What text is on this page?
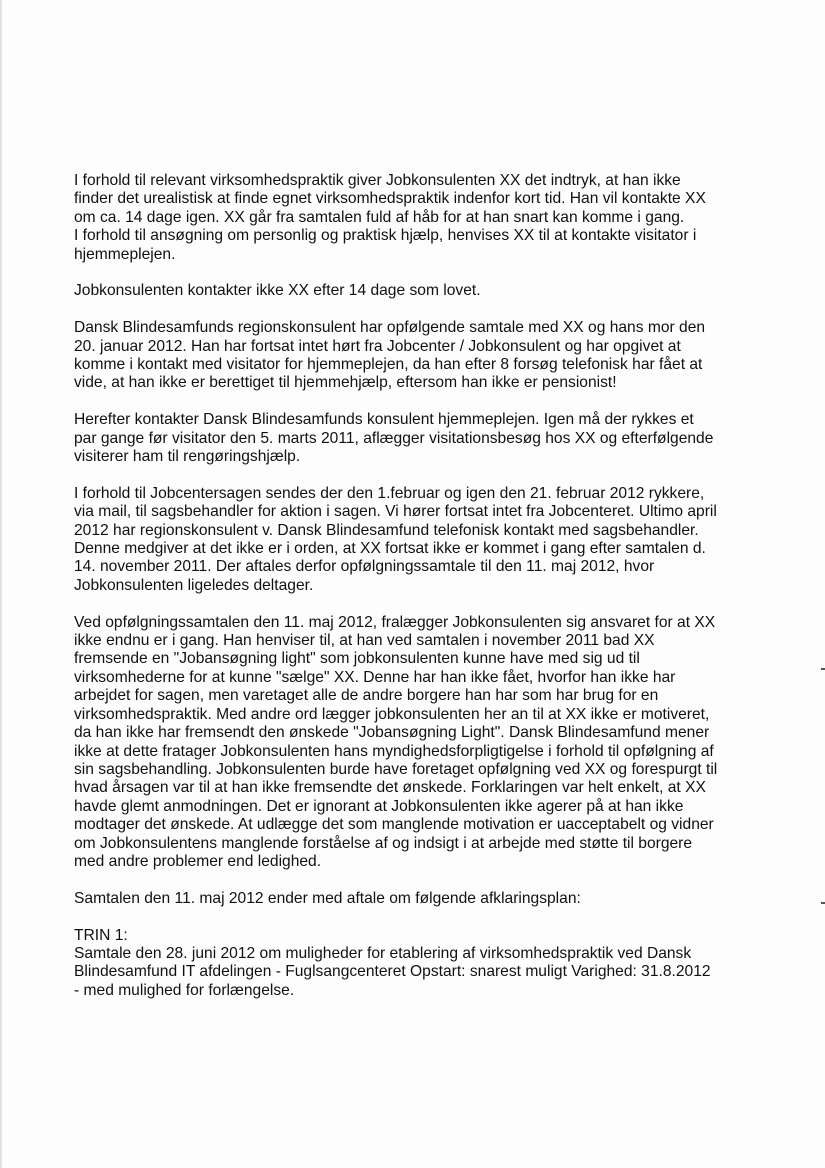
I forhold til relevant virksomhedspraktik giver Jobkonsulenten XX det indtryk, at han ikke
finder det urealistisk at finde egnet virksomhedspraktik indenfor kort tid. Han vil kontakte XX
om ca. 14 dage igen. XX går fra samtalen fuld af håb for at han snart kan komme i gang.
I forhold til ansøgning om personlig og praktisk hjælp, henvises XX til at kontakte visitator i
hjemmeplejen.

Jobkonsulenten kontakter ikke XX efter 14 dage som lovet.

Dansk Blindesamfunds regionskonsulent har opfølgende samtale med XX og hans mor den
20. januar 2012. Han har fortsat intet hørt fra Jobcenter / Jobkonsulent og har opgivet at
komme i kontakt med visitator for hjemmeplejen, da han efter 8 forsøg telefonisk har fået at
vide, at han ikke er berettiget til hjemmehjælp, eftersom han ikke er pensionist!

Herefter kontakter Dansk Blindesamfunds konsulent hjemmeplejen. Igen må der rykkes et
par gange før visitator den 5. marts 2011, aflægger visitationsbesøg hos XX og efterfølgende
visiterer ham til rengøringshjælp.

I forhold til Jobcentersagen sendes der den 1.februar og igen den 21. februar 2012 rykkere,
via mail, til sagsbehandler for aktion i sagen. Vi hører fortsat intet fra Jobcenteret. Ultimo april
2012 har regionskonsulent v. Dansk Blindesamfund telefonisk kontakt med sagsbehandler.
Denne medgiver at det ikke er i orden, at XX fortsat ikke er kommet i gang efter samtalen d.
14. november 2011. Der aftales derfor opfølgningssamtale til den 11. maj 2012, hvor
Jobkonsulenten ligeledes deltager.

Ved opfølgningssamtalen den 11. maj 2012, fralægger Jobkonsulenten sig ansvaret for at XX
ikke endnu er i gang. Han henviser til, at han ved samtalen i november 2011 bad XX
fremsende en "Jobansøgning light" som jobkonsulenten kunne have med sig ud til
virksomhederne for at kunne "sælge" XX. Denne har han ikke fået, hvorfor han ikke har
arbejdet for sagen, men varetaget alle de andre borgere han har som har brug for en
virksomhedspraktik. Med andre ord lægger jobkonsulenten her an til at XX ikke er motiveret,
da han ikke har fremsendt den ønskede "Jobansøgning Light". Dansk Blindesamfund mener
ikke at dette fratager Jobkonsulenten hans myndighedsforpligtigelse i forhold til opfølgning af
sin sagsbehandling. Jobkonsulenten burde have foretaget opfølgning ved XX og forespurgt til
hvad årsagen var til at han ikke fremsendte det ønskede. Forklaringen var helt enkelt, at XX
havde glemt anmodningen. Det er ignorant at Jobkonsulenten ikke agerer på at han ikke
modtager det ønskede. At udlægge det som manglende motivation er uacceptabelt og vidner
om Jobkonsulentens manglende forståelse af og indsigt i at arbejde med støtte til borgere
med andre problemer end ledighed.

Samtalen den 11. maj 2012 ender med aftale om følgende afklaringsplan:

TRIN 1:

Samtale den 28. juni 2012 om muligheder for etablering af virksomhedspraktik ved Dansk
Blindesamfund IT afdelingen - Fuglsangcenteret Opstart: snarest muligt Varighed: 31.8.2012
- med mulighed for forlængelse.
